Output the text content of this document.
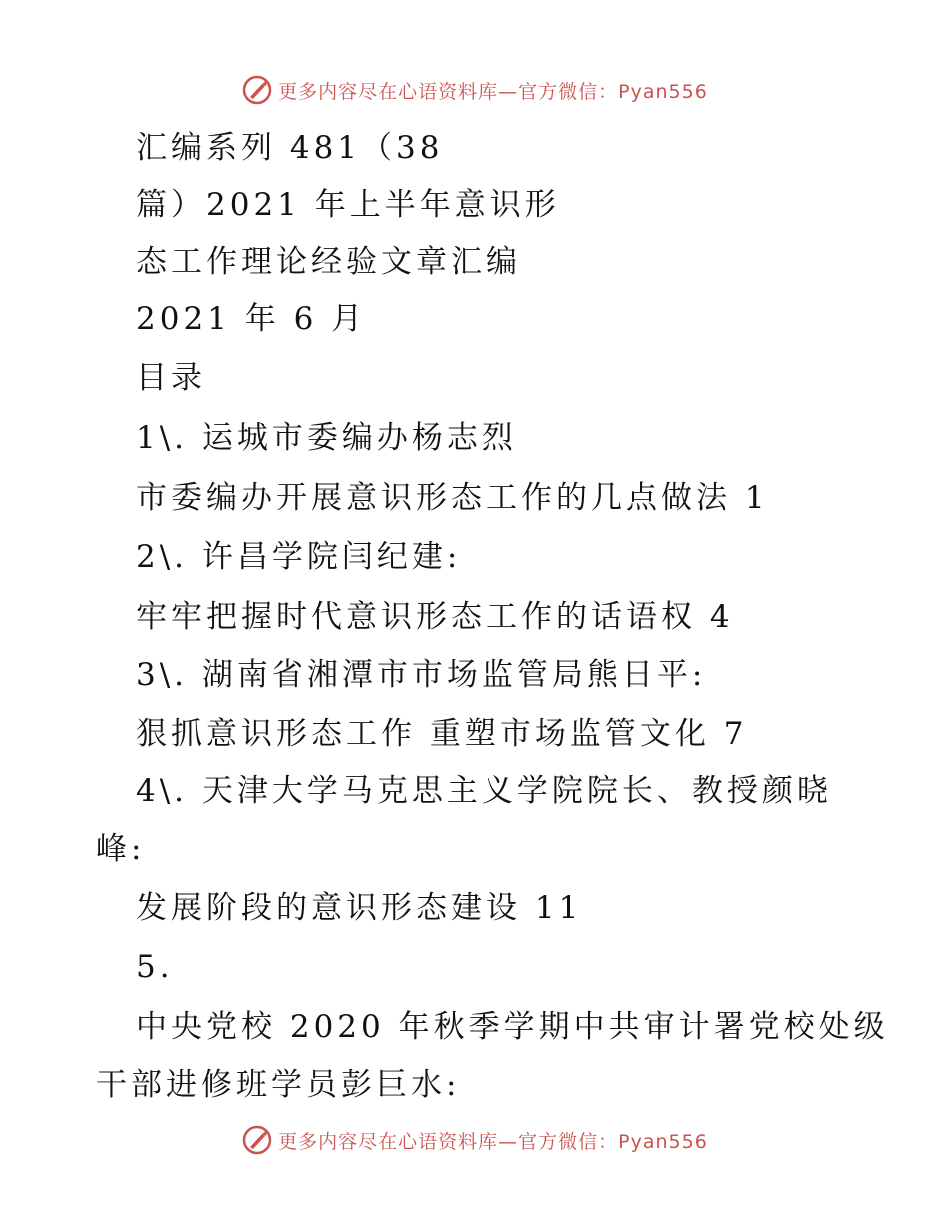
更多内容尽在心语资料库—官方微信：Pyan556
汇编系列 481（38
篇）2021 年上半年意识形
态工作理论经验文章汇编
2021 年 6 月
目录
1\. 运城市委编办杨志烈
市委编办开展意识形态工作的几点做法 1
2\. 许昌学院闫纪建:
牢牢把握时代意识形态工作的话语权 4
3\. 湖南省湘潭市市场监管局熊日平:
狠抓意识形态工作 重塑市场监管文化 7
4\. 天津大学马克思主义学院院长、教授颜晓
峰:
发展阶段的意识形态建设 11
5.
中央党校 2020 年秋季学期中共审计署党校处级
干部进修班学员彭巨水:
更多内容尽在心语资料库—官方微信：Pyan556
